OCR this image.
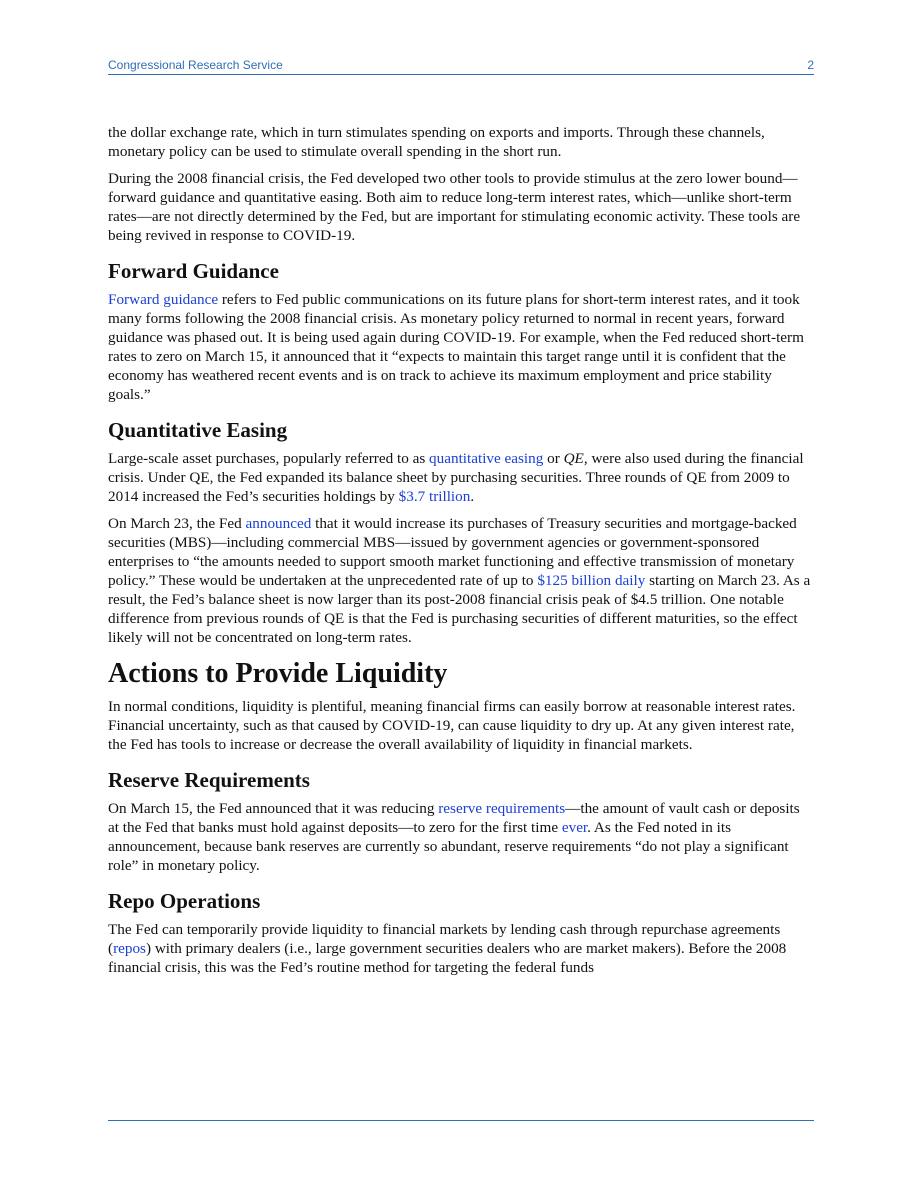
Congressional Research Service	2

the dollar exchange rate, which in turn stimulates spending on exports and imports. Through these channels, monetary policy can be used to stimulate overall spending in the short run.

During the 2008 financial crisis, the Fed developed two other tools to provide stimulus at the zero lower bound—forward guidance and quantitative easing. Both aim to reduce long-term interest rates, which—unlike short-term rates—are not directly determined by the Fed, but are important for stimulating economic activity. These tools are being revived in response to COVID-19.

Forward Guidance

Forward guidance refers to Fed public communications on its future plans for short-term interest rates, and it took many forms following the 2008 financial crisis. As monetary policy returned to normal in recent years, forward guidance was phased out. It is being used again during COVID-19. For example, when the Fed reduced short-term rates to zero on March 15, it announced that it “expects to maintain this target range until it is confident that the economy has weathered recent events and is on track to achieve its maximum employment and price stability goals.”

Quantitative Easing

Large-scale asset purchases, popularly referred to as quantitative easing or QE, were also used during the financial crisis. Under QE, the Fed expanded its balance sheet by purchasing securities. Three rounds of QE from 2009 to 2014 increased the Fed’s securities holdings by $3.7 trillion.

On March 23, the Fed announced that it would increase its purchases of Treasury securities and mortgage-backed securities (MBS)—including commercial MBS—issued by government agencies or government-sponsored enterprises to “the amounts needed to support smooth market functioning and effective transmission of monetary policy.” These would be undertaken at the unprecedented rate of up to $125 billion daily starting on March 23. As a result, the Fed’s balance sheet is now larger than its post-2008 financial crisis peak of $4.5 trillion. One notable difference from previous rounds of QE is that the Fed is purchasing securities of different maturities, so the effect likely will not be concentrated on long-term rates.

Actions to Provide Liquidity

In normal conditions, liquidity is plentiful, meaning financial firms can easily borrow at reasonable interest rates. Financial uncertainty, such as that caused by COVID-19, can cause liquidity to dry up. At any given interest rate, the Fed has tools to increase or decrease the overall availability of liquidity in financial markets.

Reserve Requirements

On March 15, the Fed announced that it was reducing reserve requirements—the amount of vault cash or deposits at the Fed that banks must hold against deposits—to zero for the first time ever. As the Fed noted in its announcement, because bank reserves are currently so abundant, reserve requirements “do not play a significant role” in monetary policy.

Repo Operations

The Fed can temporarily provide liquidity to financial markets by lending cash through repurchase agreements (repos) with primary dealers (i.e., large government securities dealers who are market makers). Before the 2008 financial crisis, this was the Fed’s routine method for targeting the federal funds
